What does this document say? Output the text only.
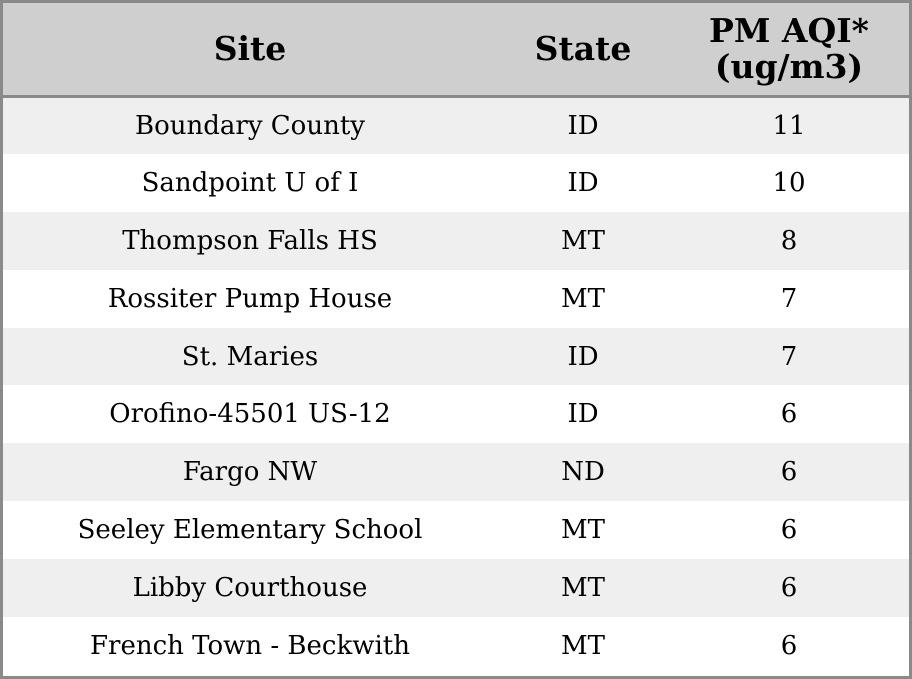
Site	State	PM AQI*
(ug/m3)

Boundary County	ID	11
Sandpoint U of I	ID	10
Thompson Falls HS	MT	8
Rossiter Pump House	MT	7
St. Maries	ID	7
Orofino-45501 US-12	ID	6
Fargo NW	ND	6
Seeley Elementary School	MT	6
Libby Courthouse	MT	6
French Town - Beckwith	MT	6
